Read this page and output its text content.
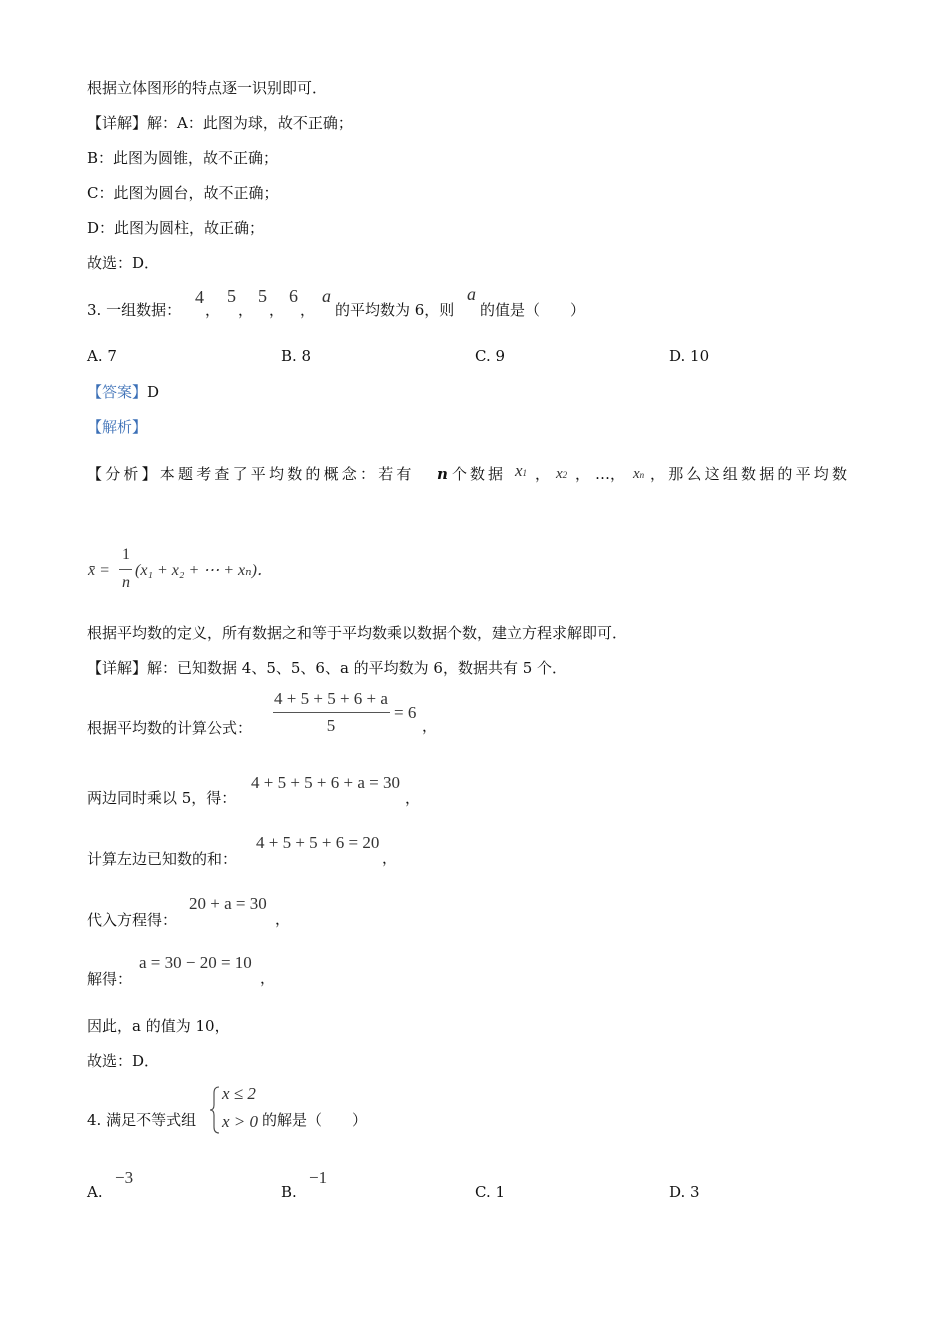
根据立体图形的特点逐一识别即可．
【详解】解：A：此图为球，故不正确；
B：此图为圆锥，故不正确；
C：此图为圆台，故不正确；
D：此图为圆柱，故正确；
故选：D．
3. 一组数据：
4
，
5
，
5
，
6
，
a
的平均数为 6，则
a
的值是（　　）
A. 7	B. 8	C. 9	D. 10
【答案】D
【解析】
【分析】本题考查了平均数的概念：若有 n 个数据 x1 ， x2 ， …， xn ，那么这组数据的平均数
x̄ =
1
n
(x₁ + x₂ + ⋯ + xₙ)．
根据平均数的定义，所有数据之和等于平均数乘以数据个数，建立方程求解即可．
【详解】解：已知数据 4、5、5、6、a 的平均数为 6，数据共有 5 个．
根据平均数的计算公式：
4 + 5 + 5 + 6 + a
5
= 6
，
两边同时乘以 5，得：
4 + 5 + 5 + 6 + a = 30
，
计算左边已知数的和：
4 + 5 + 5 + 6 = 20
，
代入方程得：
20 + a = 30
，
解得：
a = 30 − 20 = 10
，
因此，a 的值为 10，
故选：D．
4. 满足不等式组
x ≤ 2
x > 0 的解是（　　）
A.
−3
B.
−1
C. 1	D. 3
